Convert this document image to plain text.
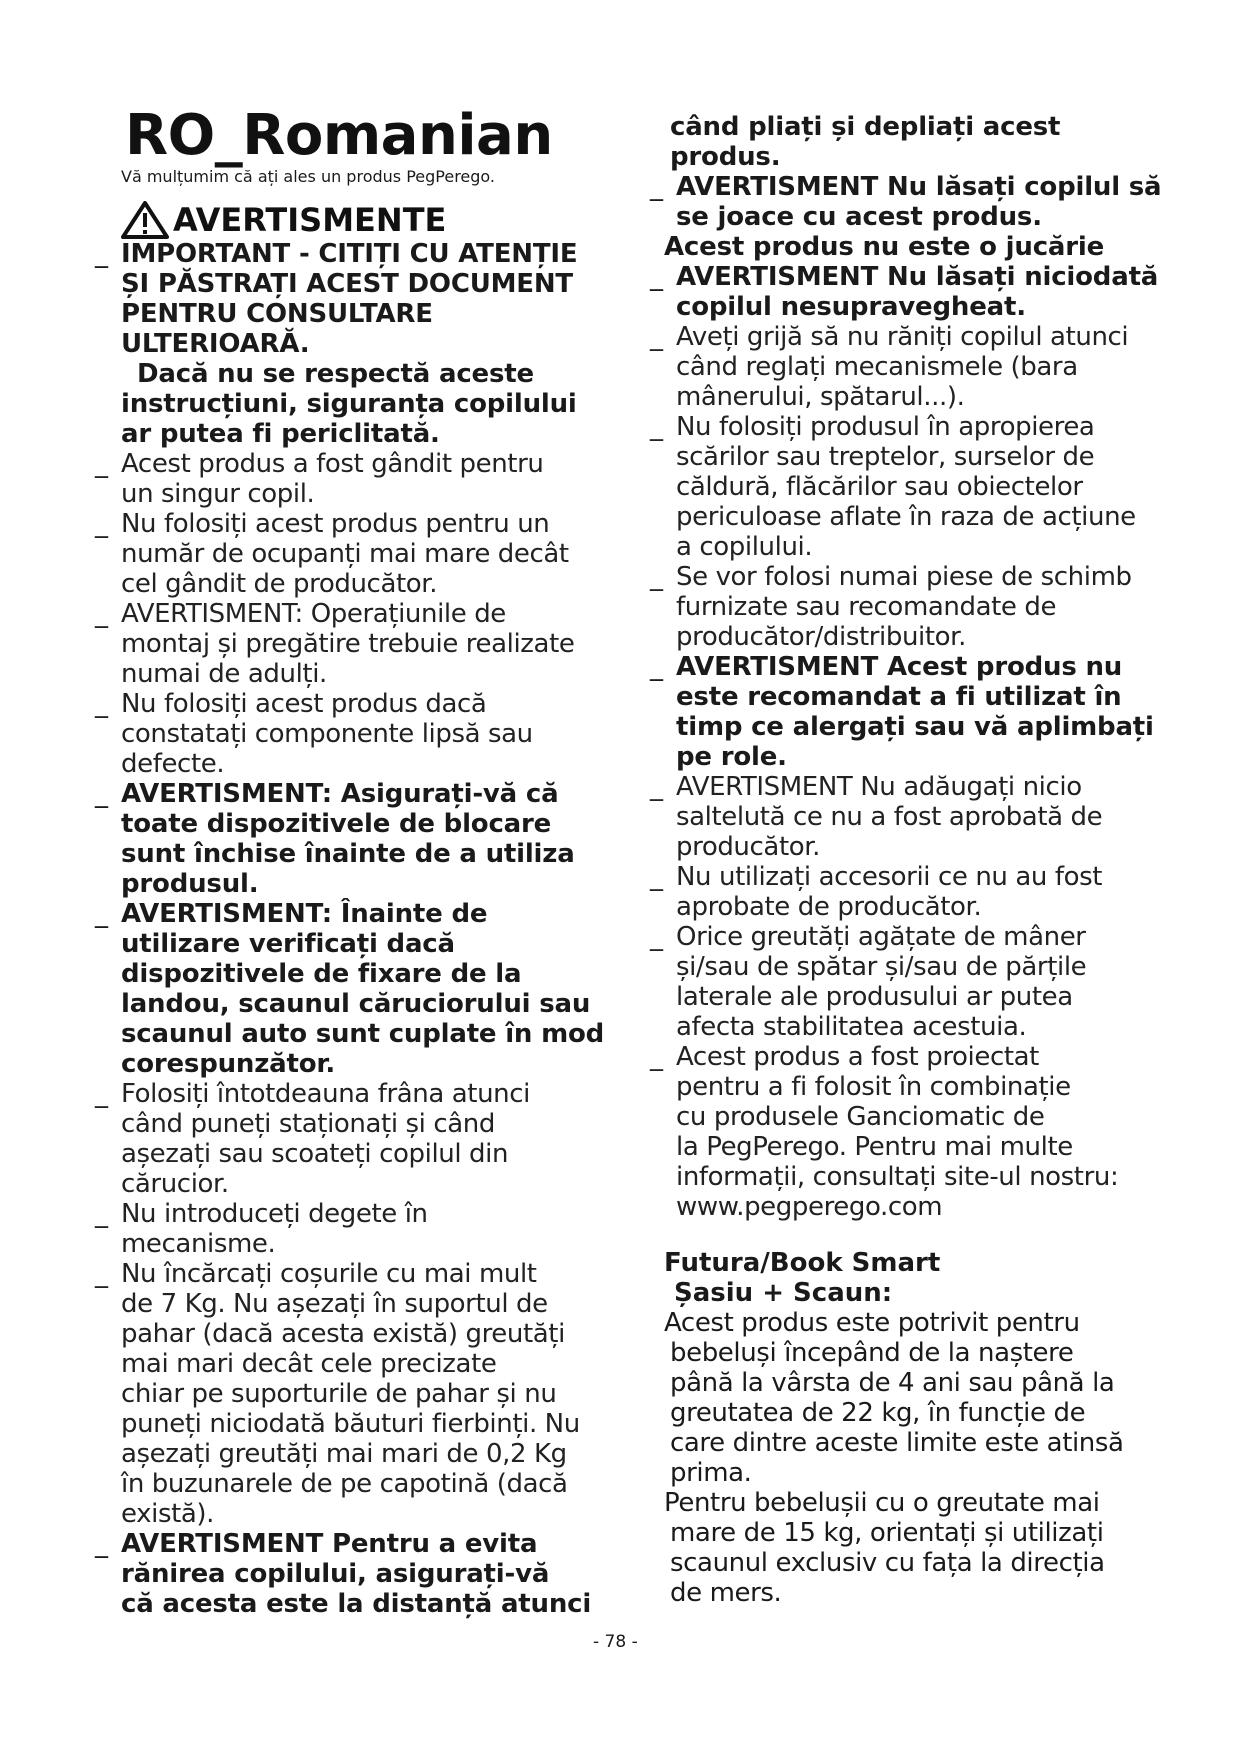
RO_Romanian
Vă mulțumim că ați ales un produs PegPerego.
AVERTISMENTE
_ IMPORTANT - CITIȚI CU ATENȚIE
ȘI PĂSTRAȚI ACEST DOCUMENT
PENTRU CONSULTARE
ULTERIOARĂ.
Dacă nu se respectă aceste
instrucțiuni, siguranța copilului
ar putea fi periclitată.
_ Acest produs a fost gândit pentru
un singur copil.
_ Nu folosiți acest produs pentru un
număr de ocupanți mai mare decât
cel gândit de producător.
_ AVERTISMENT: Operațiunile de
montaj și pregătire trebuie realizate
numai de adulți.
_ Nu folosiți acest produs dacă
constatați componente lipsă sau
defecte.
_ AVERTISMENT: Asigurați-vă că
toate dispozitivele de blocare
sunt închise înainte de a utiliza
produsul.
_ AVERTISMENT: Înainte de
utilizare verificați dacă
dispozitivele de fixare de la
landou, scaunul căruciorului sau
scaunul auto sunt cuplate în mod
corespunzător.
_ Folosiți întotdeauna frâna atunci
când puneți staționați și când
așezați sau scoateți copilul din
cărucior.
_ Nu introduceți degete în
mecanisme.
_ Nu încărcați coșurile cu mai mult
de 7 Kg. Nu așezați în suportul de
pahar (dacă acesta există) greutăți
mai mari decât cele precizate
chiar pe suporturile de pahar și nu
puneți niciodată băuturi fierbinți. Nu
așezați greutăți mai mari de 0,2 Kg
în buzunarele de pe capotină (dacă
există).
_ AVERTISMENT Pentru a evita
rănirea copilului, asigurați-vă
că acesta este la distanță atunci
când pliați și depliați acest
produs.
_ AVERTISMENT Nu lăsați copilul să
se joace cu acest produs.
Acest produs nu este o jucărie
_ AVERTISMENT Nu lăsați niciodată
copilul nesupravegheat.
_ Aveți grijă să nu răniți copilul atunci
când reglați mecanismele (bara
mânerului, spătarul...).
_ Nu folosiți produsul în apropierea
scărilor sau treptelor, surselor de
căldură, flăcărilor sau obiectelor
periculoase aflate în raza de acțiune
a copilului.
_ Se vor folosi numai piese de schimb
furnizate sau recomandate de
producător/distribuitor.
_ AVERTISMENT Acest produs nu
este recomandat a fi utilizat în
timp ce alergați sau vă aplimbați
pe role.
_ AVERTISMENT Nu adăugați nicio
saltelută ce nu a fost aprobată de
producător.
_ Nu utilizați accesorii ce nu au fost
aprobate de producător.
_ Orice greutăți agățate de mâner
și/sau de spătar și/sau de părțile
laterale ale produsului ar putea
afecta stabilitatea acestuia.
_ Acest produs a fost proiectat
pentru a fi folosit în combinație
cu produsele Ganciomatic de
la PegPerego. Pentru mai multe
informații, consultați site-ul nostru:
www.pegperego.com
Futura/Book Smart
Șasiu + Scaun:
Acest produs este potrivit pentru
bebeluși începând de la naștere
până la vârsta de 4 ani sau până la
greutatea de 22 kg, în funcție de
care dintre aceste limite este atinsă
prima.
Pentru bebelușii cu o greutate mai
mare de 15 kg, orientați și utilizați
scaunul exclusiv cu fața la direcția
de mers.
- 78 -
